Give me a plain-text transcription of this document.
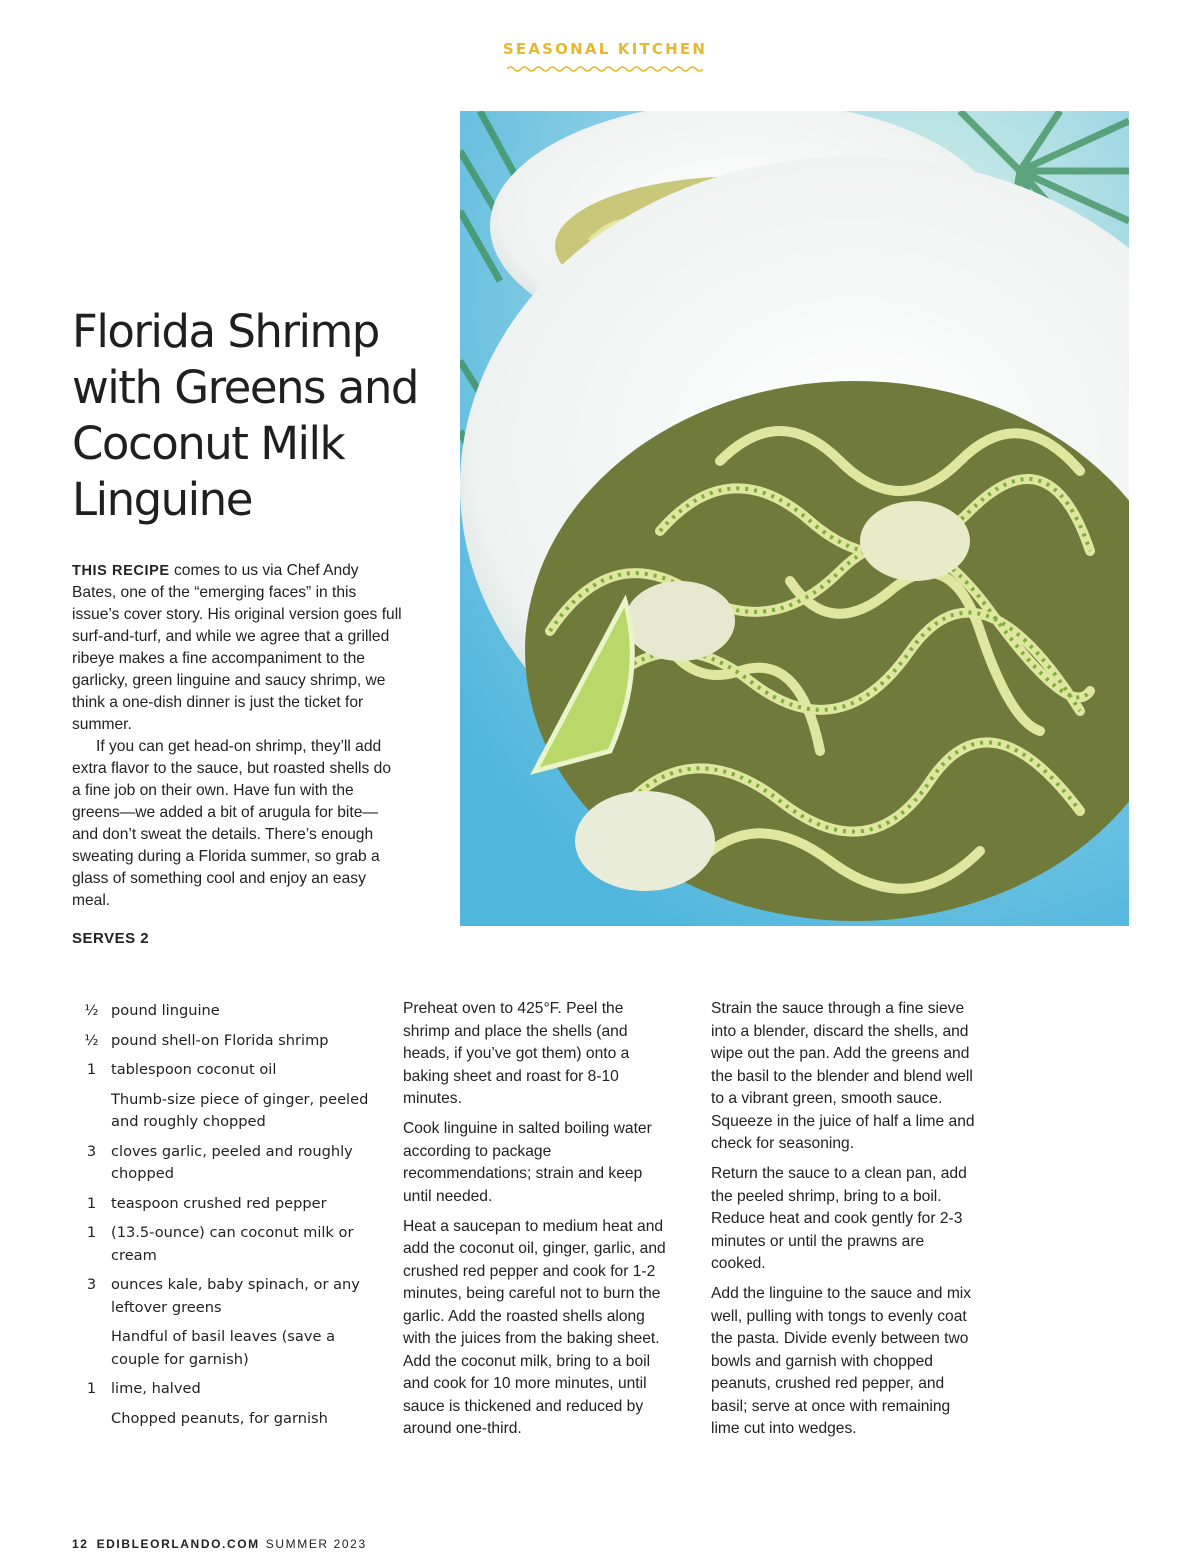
SEASONAL KITCHEN
Florida Shrimp with Greens and Coconut Milk Linguine

THIS RECIPE comes to us via Chef Andy Bates, one of the “emerging faces” in this issue’s cover story. His original version goes full surf-and-turf, and while we agree that a grilled ribeye makes a fine accompaniment to the garlicky, green linguine and saucy shrimp, we think a one-dish dinner is just the ticket for summer.

If you can get head-on shrimp, they’ll add extra flavor to the sauce, but roasted shells do a fine job on their own. Have fun with the greens—we added a bit of arugula for bite—and don’t sweat the details. There’s enough sweating during a Florida summer, so grab a glass of something cool and enjoy an easy meal.

SERVES 2
½ pound linguine
½ pound shell-on Florida shrimp
1	tablespoon coconut oil
Thumb-size piece of ginger, peeled and roughly chopped
3	cloves garlic, peeled and roughly chopped
1	teaspoon crushed red pepper
1	(13.5-ounce) can coconut milk or cream
3	ounces kale, baby spinach, or any leftover greens
Handful of basil leaves (save a couple for garnish)
1	lime, halved
Chopped peanuts, for garnish

Preheat oven to 425°F. Peel the shrimp and place the shells (and heads, if you’ve got them) onto a baking sheet and roast for 8-10 minutes.

Cook linguine in salted boiling water according to package recommendations; strain and keep until needed.

Heat a saucepan to medium heat and add the coconut oil, ginger, garlic, and crushed red pepper and cook for 1-2 minutes, being careful not to burn the garlic. Add the roasted shells along with the juices from the baking sheet. Add the coconut milk, bring to a boil and cook for 10 more minutes, until sauce is thickened and reduced by around one-third.

Strain the sauce through a fine sieve into a blender, discard the shells, and wipe out the pan. Add the greens and the basil to the blender and blend well to a vibrant green, smooth sauce. Squeeze in the juice of half a lime and check for seasoning.

Return the sauce to a clean pan, add the peeled shrimp, bring to a boil. Reduce heat and cook gently for 2-3 minutes or until the prawns are cooked.

Add the linguine to the sauce and mix well, pulling with tongs to evenly coat the pasta. Divide evenly between two bowls and garnish with chopped peanuts, crushed red pepper, and basil; serve at once with remaining lime cut into wedges.

12 EDIBLEORLANDO.COM SUMMER 2023
